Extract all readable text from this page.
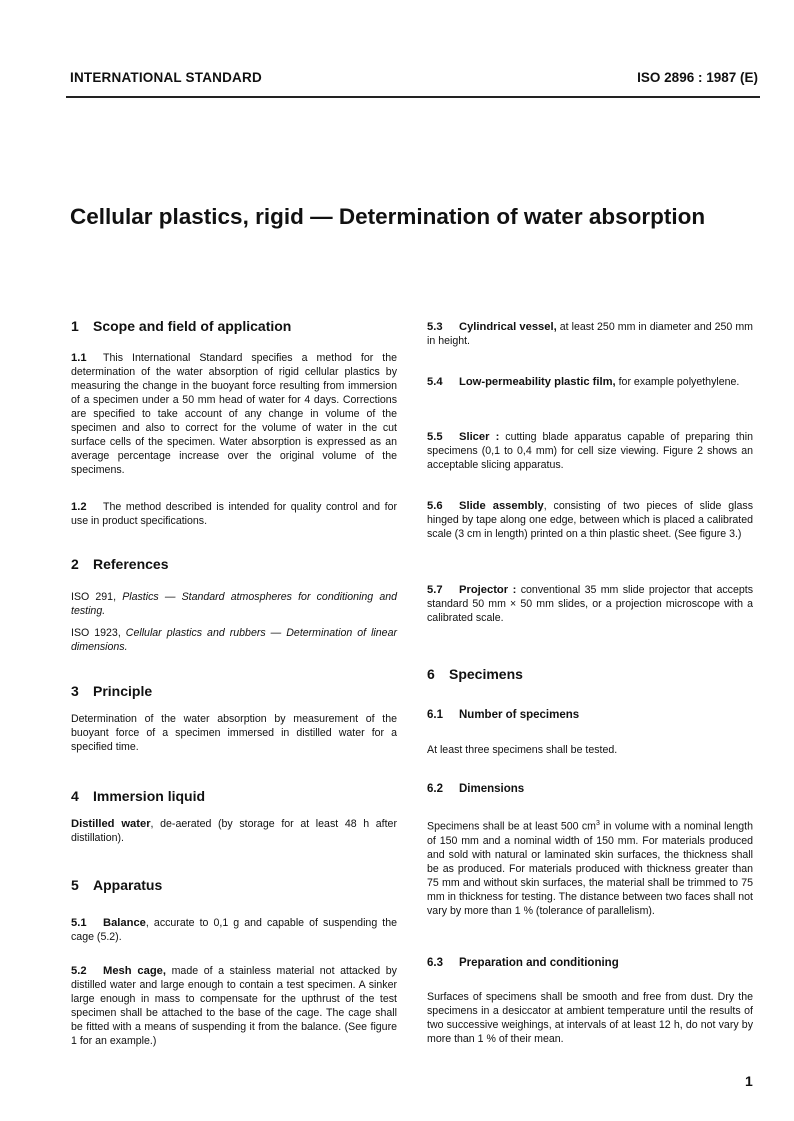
INTERNATIONAL STANDARD	ISO 2896 : 1987 (E)
Cellular plastics, rigid — Determination of water absorption
1 Scope and field of application

1.1 This International Standard specifies a method for the determination of the water absorption of rigid cellular plastics by measuring the change in the buoyant force resulting from immersion of a specimen under a 50 mm head of water for 4 days. Corrections are specified to take account of any change in volume of the specimen and also to correct for the volume of water in the cut surface cells of the specimen. Water absorption is expressed as an average percentage increase over the original volume of the specimens.

1.2 The method described is intended for quality control and for use in product specifications.

2 References

ISO 291, Plastics — Standard atmospheres for conditioning and testing.

ISO 1923, Cellular plastics and rubbers — Determination of linear dimensions.

3 Principle

Determination of the water absorption by measurement of the buoyant force of a specimen immersed in distilled water for a specified time.

4 Immersion liquid

Distilled water, de-aerated (by storage for at least 48 h after distillation).

5 Apparatus

5.1 Balance, accurate to 0,1 g and capable of suspending the cage (5.2).

5.2 Mesh cage, made of a stainless material not attacked by distilled water and large enough to contain a test specimen. A sinker large enough in mass to compensate for the upthrust of the test specimen shall be attached to the base of the cage. The cage shall be fitted with a means of suspending it from the balance. (See figure 1 for an example.)

5.3 Cylindrical vessel, at least 250 mm in diameter and 250 mm in height.

5.4 Low-permeability plastic film, for example polyethylene.

5.5 Slicer : cutting blade apparatus capable of preparing thin specimens (0,1 to 0,4 mm) for cell size viewing. Figure 2 shows an acceptable slicing apparatus.

5.6 Slide assembly, consisting of two pieces of slide glass hinged by tape along one edge, between which is placed a calibrated scale (3 cm in length) printed on a thin plastic sheet. (See figure 3.)

5.7 Projector : conventional 35 mm slide projector that accepts standard 50 mm × 50 mm slides, or a projection microscope with a calibrated scale.

6 Specimens
6.1 Number of specimens

At least three specimens shall be tested.

6.2 Dimensions

Specimens shall be at least 500 $cm^3$ in volume with a nominal length of 150 mm and a nominal width of 150 mm. For materials produced and sold with natural or laminated skin surfaces, the thickness shall be as produced. For materials produced with thickness greater than 75 mm and without skin surfaces, the material shall be trimmed to 75 mm in thickness for testing. The distance between two faces shall not vary by more than 1 % (tolerance of parallelism).

6.3 Preparation and conditioning

Surfaces of specimens shall be smooth and free from dust. Dry the specimens in a desiccator at ambient temperature until the results of two successive weighings, at intervals of at least 12 h, do not vary by more than 1 % of their mean.

1
